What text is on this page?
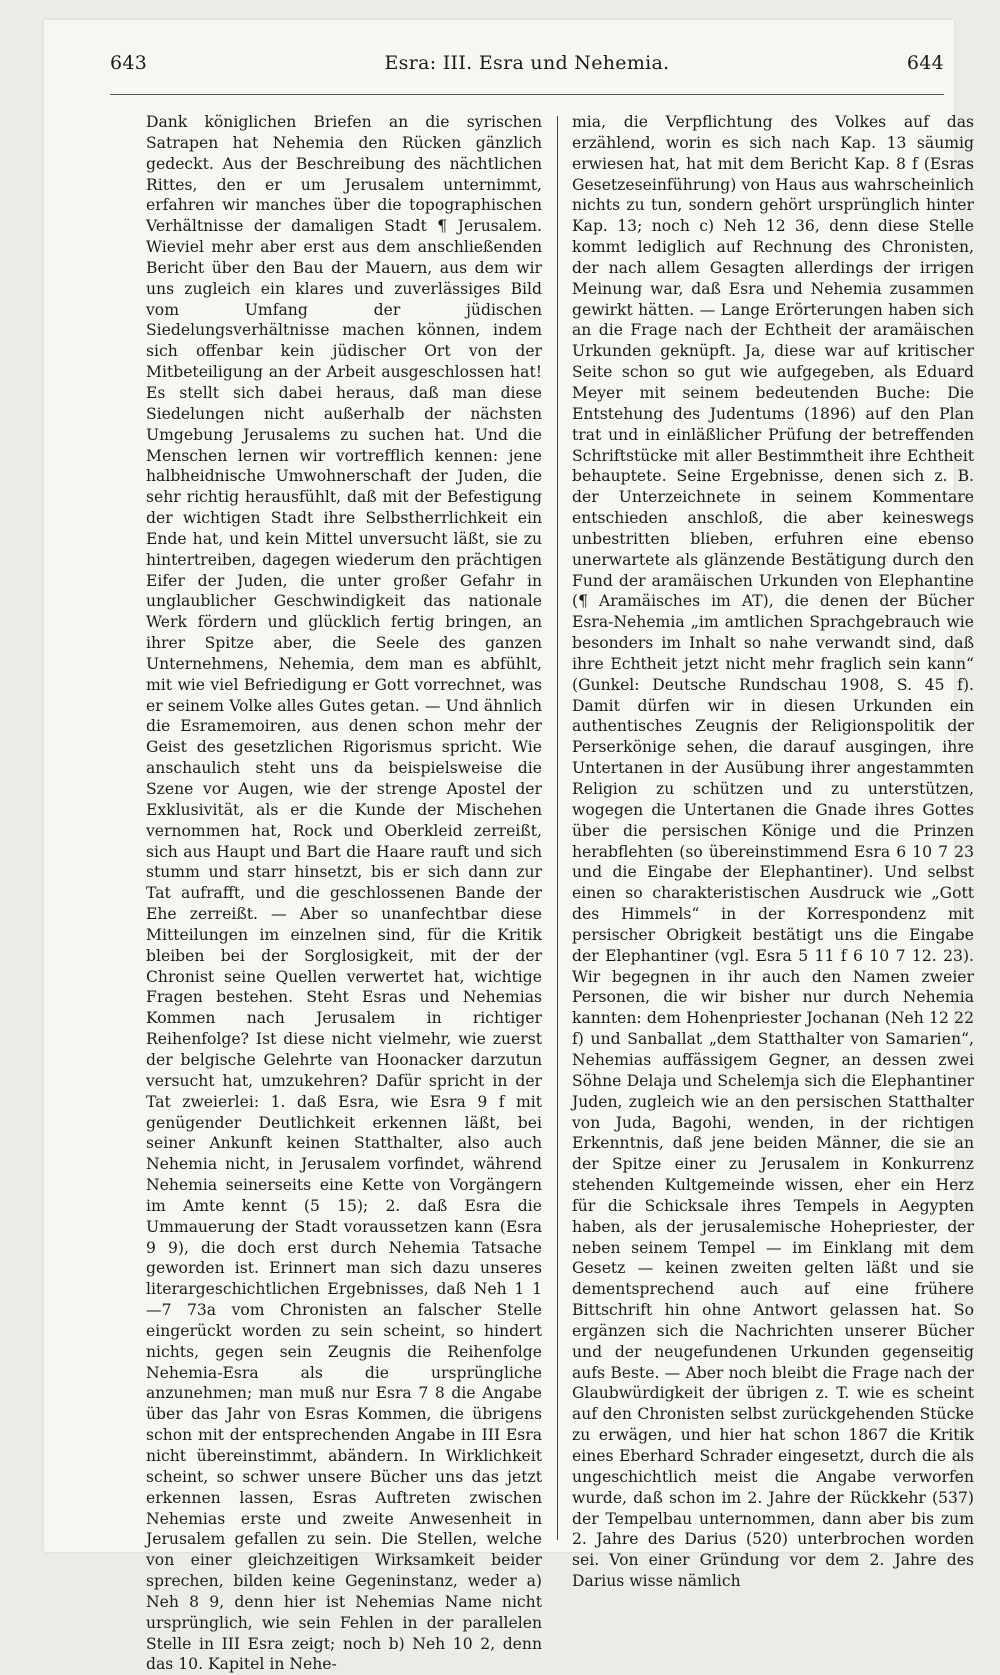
643	Esra: III. Esra und Nehemia.	644

Dank königlichen Briefen an die syrischen Satrapen hat Nehemia den Rücken gänzlich gedeckt. Aus der Beschreibung des nächtlichen Rittes, den er um Jerusalem unternimmt, erfahren wir manches über die topographischen Verhältnisse der damaligen Stadt ¶ Jerusalem. Wieviel mehr aber erst aus dem anschließenden Bericht über den Bau der Mauern, aus dem wir uns zugleich ein klares und zuverlässiges Bild vom Umfang der jüdischen Siedelungsverhältnisse machen können, indem sich offenbar kein jüdischer Ort von der Mitbeteiligung an der Arbeit ausgeschlossen hat! Es stellt sich dabei heraus, daß man diese Siedelungen nicht außerhalb der nächsten Umgebung Jerusalems zu suchen hat. Und die Menschen lernen wir vortrefflich kennen: jene halbheidnische Umwohnerschaft der Juden, die sehr richtig herausfühlt, daß mit der Befestigung der wichtigen Stadt ihre Selbstherrlichkeit ein Ende hat, und kein Mittel unversucht läßt, sie zu hintertreiben, dagegen wiederum den prächtigen Eifer der Juden, die unter großer Gefahr in unglaublicher Geschwindigkeit das nationale Werk fördern und glücklich fertig bringen, an ihrer Spitze aber, die Seele des ganzen Unternehmens, Nehemia, dem man es abfühlt, mit wie viel Befriedigung er Gott vorrechnet, was er seinem Volke alles Gutes getan. — Und ähnlich die Esramemoiren, aus denen schon mehr der Geist des gesetzlichen Rigorismus spricht. Wie anschaulich steht uns da beispielsweise die Szene vor Augen, wie der strenge Apostel der Exklusivität, als er die Kunde der Mischehen vernommen hat, Rock und Oberkleid zerreißt, sich aus Haupt und Bart die Haare rauft und sich stumm und starr hinsetzt, bis er sich dann zur Tat aufrafft, und die geschlossenen Bande der Ehe zerreißt. — Aber so unanfechtbar diese Mitteilungen im einzelnen sind, für die Kritik bleiben bei der Sorglosigkeit, mit der der Chronist seine Quellen verwertet hat, wichtige Fragen bestehen. Steht Esras und Nehemias Kommen nach Jerusalem in richtiger Reihenfolge? Ist diese nicht vielmehr, wie zuerst der belgische Gelehrte van Hoonacker darzutun versucht hat, umzukehren? Dafür spricht in der Tat zweierlei: 1. daß Esra, wie Esra 9 f mit genügender Deutlichkeit erkennen läßt, bei seiner Ankunft keinen Statthalter, also auch Nehemia nicht, in Jerusalem vorfindet, während Nehemia seinerseits eine Kette von Vorgängern im Amte kennt (5 15); 2. daß Esra die Ummauerung der Stadt voraussetzen kann (Esra 9 9), die doch erst durch Nehemia Tatsache geworden ist. Erinnert man sich dazu unseres literargeschichtlichen Ergebnisses, daß Neh 1 1—7 73a vom Chronisten an falscher Stelle eingerückt worden zu sein scheint, so hindert nichts, gegen sein Zeugnis die Reihenfolge Nehemia-Esra als die ursprüngliche anzunehmen; man muß nur Esra 7 8 die Angabe über das Jahr von Esras Kommen, die übrigens schon mit der entsprechenden Angabe in III Esra nicht übereinstimmt, abändern. In Wirklichkeit scheint, so schwer unsere Bücher uns das jetzt erkennen lassen, Esras Auftreten zwischen Nehemias erste und zweite Anwesenheit in Jerusalem gefallen zu sein. Die Stellen, welche von einer gleichzeitigen Wirksamkeit beider sprechen, bilden keine Gegeninstanz, weder a) Neh 8 9, denn hier ist Nehemias Name nicht ursprünglich, wie sein Fehlen in der parallelen Stelle in III Esra zeigt; noch b) Neh 10 2, denn das 10. Kapitel in Nehe-

mia, die Verpflichtung des Volkes auf das erzählend, worin es sich nach Kap. 13 säumig erwiesen hat, hat mit dem Bericht Kap. 8 f (Esras Gesetzeseinführung) von Haus aus wahrscheinlich nichts zu tun, sondern gehört ursprünglich hinter Kap. 13; noch c) Neh 12 36, denn diese Stelle kommt lediglich auf Rechnung des Chronisten, der nach allem Gesagten allerdings der irrigen Meinung war, daß Esra und Nehemia zusammen gewirkt hätten. — Lange Erörterungen haben sich an die Frage nach der Echtheit der aramäischen Urkunden geknüpft. Ja, diese war auf kritischer Seite schon so gut wie aufgegeben, als Eduard Meyer mit seinem bedeutenden Buche: Die Entstehung des Judentums (1896) auf den Plan trat und in einläßlicher Prüfung der betreffenden Schriftstücke mit aller Bestimmtheit ihre Echtheit behauptete. Seine Ergebnisse, denen sich z. B. der Unterzeichnete in seinem Kommentare entschieden anschloß, die aber keineswegs unbestritten blieben, erfuhren eine ebenso unerwartete als glänzende Bestätigung durch den Fund der aramäischen Urkunden von Elephantine (¶ Aramäisches im AT), die denen der Bücher Esra-Nehemia „im amtlichen Sprachgebrauch wie besonders im Inhalt so nahe verwandt sind, daß ihre Echtheit jetzt nicht mehr fraglich sein kann“ (Gunkel: Deutsche Rundschau 1908, S. 45 f). Damit dürfen wir in diesen Urkunden ein authentisches Zeugnis der Religionspolitik der Perserkönige sehen, die darauf ausgingen, ihre Untertanen in der Ausübung ihrer angestammten Religion zu schützen und zu unterstützen, wogegen die Untertanen die Gnade ihres Gottes über die persischen Könige und die Prinzen herabflehten (so übereinstimmend Esra 6 10 7 23 und die Eingabe der Elephantiner). Und selbst einen so charakteristischen Ausdruck wie „Gott des Himmels“ in der Korrespondenz mit persischer Obrigkeit bestätigt uns die Eingabe der Elephantiner (vgl. Esra 5 11 f 6 10 7 12. 23). Wir begegnen in ihr auch den Namen zweier Personen, die wir bisher nur durch Nehemia kannten: dem Hohenpriester Jochanan (Neh 12 22 f) und Sanballat „dem Statthalter von Samarien“, Nehemias auffässigem Gegner, an dessen zwei Söhne Delaja und Schelemja sich die Elephantiner Juden, zugleich wie an den persischen Statthalter von Juda, Bagohi, wenden, in der richtigen Erkenntnis, daß jene beiden Männer, die sie an der Spitze einer zu Jerusalem in Konkurrenz stehenden Kultgemeinde wissen, eher ein Herz für die Schicksale ihres Tempels in Aegypten haben, als der jerusalemische Hohepriester, der neben seinem Tempel — im Einklang mit dem Gesetz — keinen zweiten gelten läßt und sie dementsprechend auch auf eine frühere Bittschrift hin ohne Antwort gelassen hat. So ergänzen sich die Nachrichten unserer Bücher und der neugefundenen Urkunden gegenseitig aufs Beste. — Aber noch bleibt die Frage nach der Glaubwürdigkeit der übrigen z. T. wie es scheint auf den Chronisten selbst zurückgehenden Stücke zu erwägen, und hier hat schon 1867 die Kritik eines Eberhard Schrader eingesetzt, durch die als ungeschichtlich meist die Angabe verworfen wurde, daß schon im 2. Jahre der Rückkehr (537) der Tempelbau unternommen, dann aber bis zum 2. Jahre des Darius (520) unterbrochen worden sei. Von einer Gründung vor dem 2. Jahre des Darius wisse nämlich
